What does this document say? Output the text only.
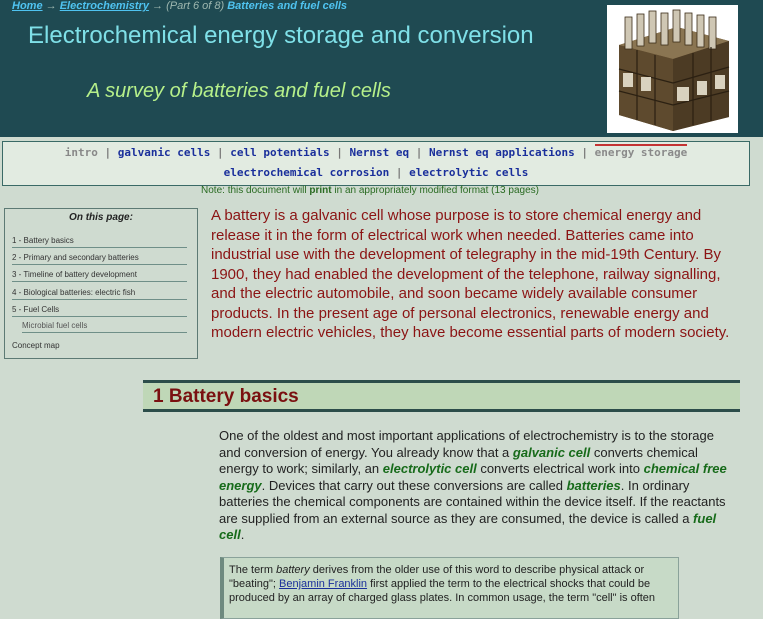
Home → Electrochemistry → (Part 6 of 8) Batteries and fuel cells
Electrochemical energy storage and conversion
A survey of batteries and fuel cells
intro | galvanic cells | cell potentials | Nernst eq | Nernst eq applications | energy storage
electrochemical corrosion | electrolytic cells
Note: this document will print in an appropriately modified format (13 pages)
On this page:
1 - Battery basics
2 - Primary and secondary batteries
3 - Timeline of battery development
4 - Biological batteries: electric fish
5 - Fuel Cells
Microbial fuel cells
Concept map
A battery is a galvanic cell whose purpose is to store chemical energy and release it in the form of electrical work when needed. Batteries came into industrial use with the development of telegraphy in the mid-19th Century. By 1900, they had enabled the development of the telephone, railway signalling, and the electric automobile, and soon became widely available consumer products. In the present age of personal electronics, renewable energy and modern electric vehicles, they have become essential parts of modern society.
1 Battery basics
One of the oldest and most important applications of electrochemistry is to the storage and conversion of energy. You already know that a galvanic cell converts chemical energy to work; similarly, an electrolytic cell converts electrical work into chemical free energy. Devices that carry out these conversions are called batteries. In ordinary batteries the chemical components are contained within the device itself. If the reactants are supplied from an external source as they are consumed, the device is called a fuel cell.
The term battery derives from the older use of this word to describe physical attack or "beating"; Benjamin Franklin first applied the term to the electrical shocks that could be produced by an array of charged glass plates. In common usage, the term "cell" is often
